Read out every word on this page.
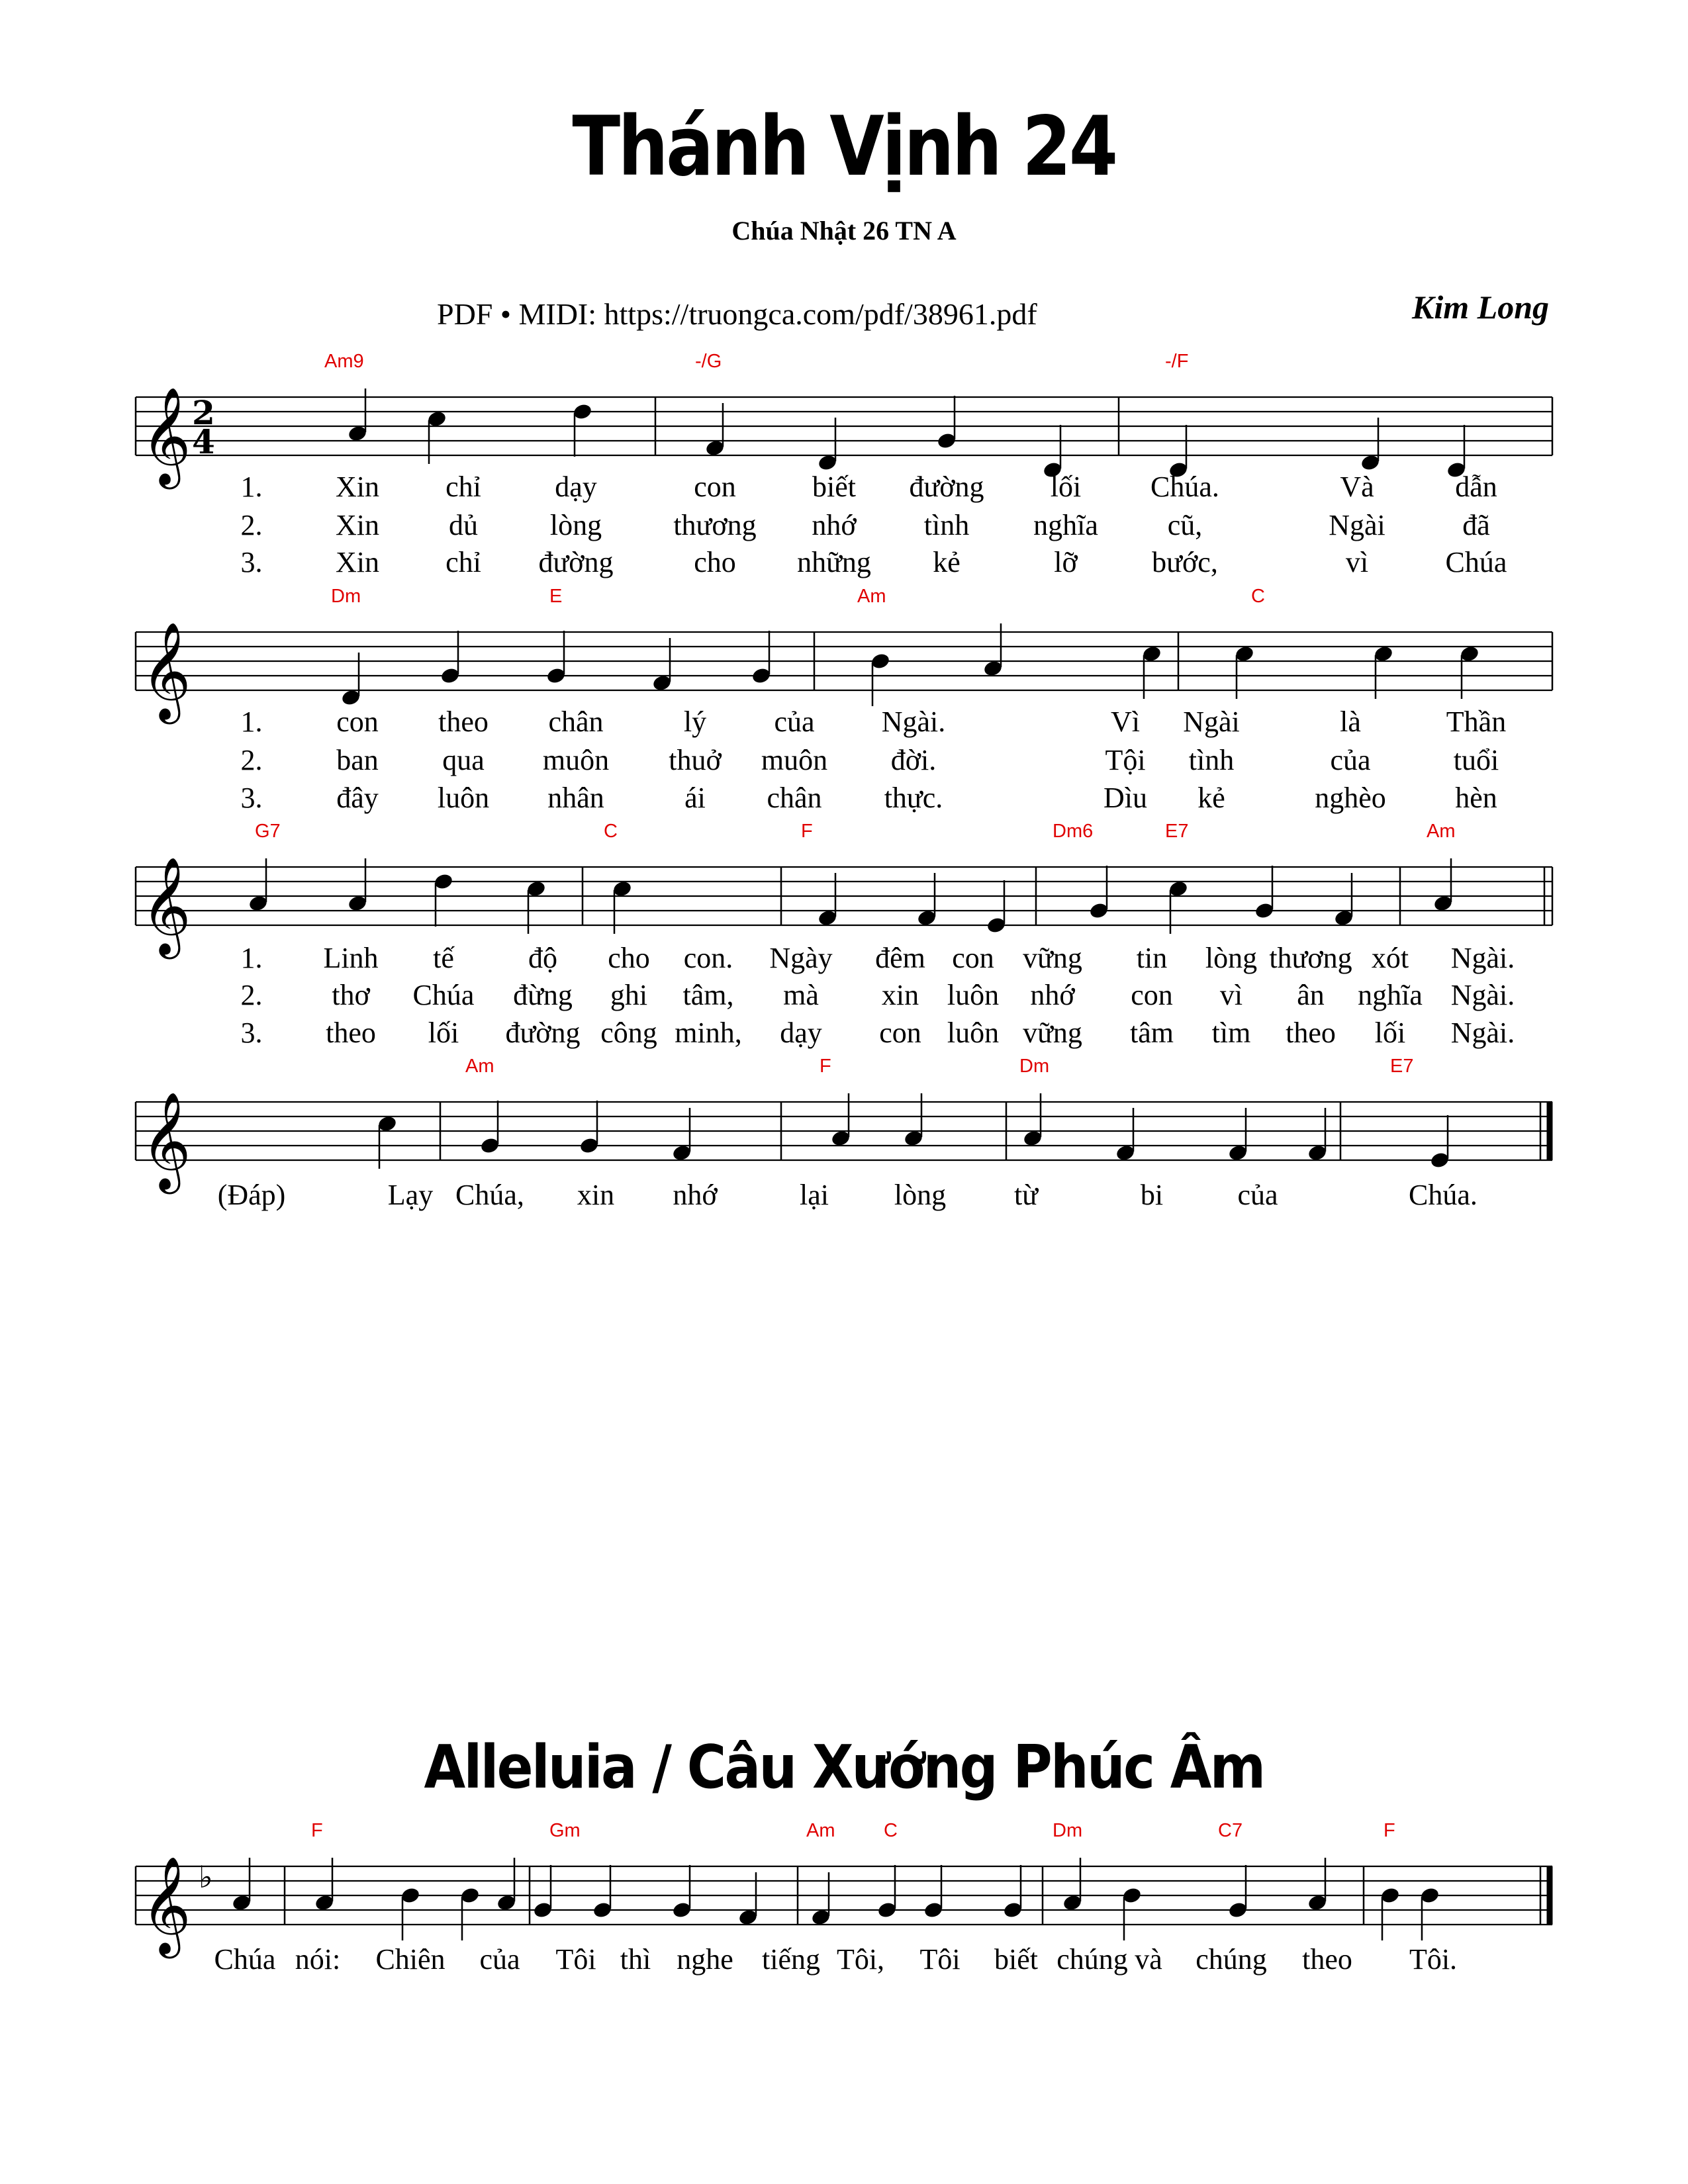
Thánh Vịnh 24
Chúa Nhật 26 TN A
PDF • MIDI: https://truongca.com/pdf/38961.pdf	Kim Long
Alleluia / Câu Xướng Phúc Âm
𝄞 2
4
Am9	-/G	-/F
1.	Xin chỉ	dạy	con	biết đường lối Chúa.	Và	dẫn
2.	Xin dủ lòng thương nhớ tình nghĩa cũ,	Ngài	đã
3.	Xin chỉ đường	cho những kẻ	lỡ	bước,	vì	Chúa
𝄞
Dm	E	Am	C
1.	con theo chân	lý của Ngài.	Vì Ngài	là	Thần
2.	ban qua muôn thuở muôn đời.	Tội tình	của	tuổi
3.	đây luôn nhân	ái chân thực.	Dìu kẻ	nghèo hèn
𝄞
G7	C	F	Dm6	E7	Am
1. Linh tế	độ cho con. Ngày đêm con vững tin lòng thương xót Ngài.
2. thơ Chúa đừng ghi tâm, mà xin luôn nhớ con vì ân nghĩa Ngài.
3. theo lối đường công minh, dạy con luôn vững tâm tìm theo lối Ngài.
𝄞
Am	F	Dm	E7
(Đáp)	Lạy Chúa, xin nhớ	lại lòng từ	bi	của	Chúa.
𝄞 ♭
F	Gm	Am	C	Dm	C7	F
Chúa nói: Chiên của Tôi thì nghe tiếng Tôi, Tôi biết chúng và chúng theo Tôi.
